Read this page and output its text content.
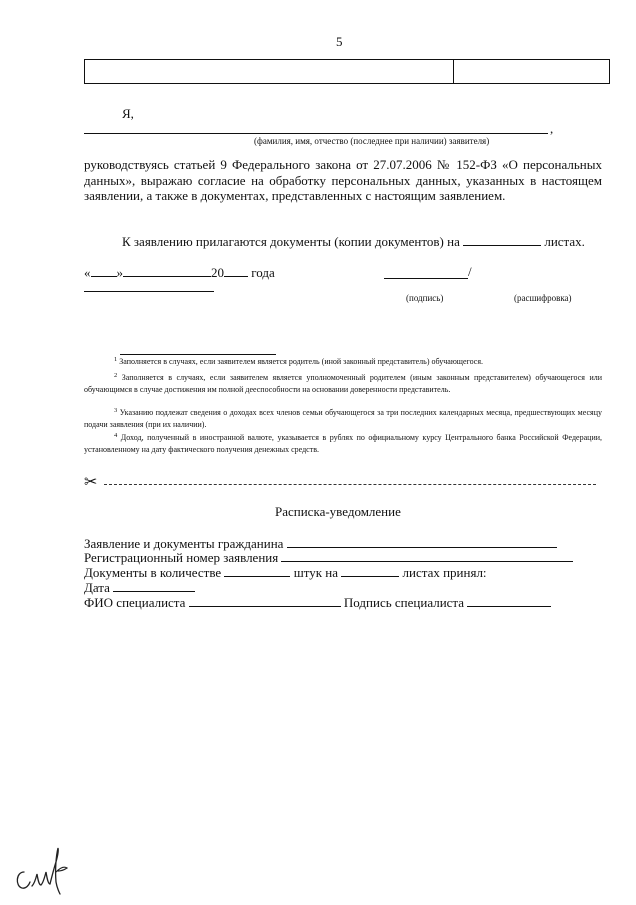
5
Я,
,
(фамилия, имя, отчество (последнее при наличии) заявителя)
руководствуясь статьей 9 Федерального закона от 27.07.2006 № 152-ФЗ «О персональных данных», выражаю согласие на обработку персональных данных, указанных в настоящем заявлении, а также в документах, представленных с настоящим заявлением.
К заявлению прилагаются документы (копии документов) на	листах.
« »	20 года	/
(подпись)	(расшифровка)
$^1$ Заполняется в случаях, если заявителем является родитель (иной законный представитель) обучающегося.
$^2$ Заполняется в случаях, если заявителем является уполномоченный родителем (иным законным представителем) обучающегося или обучающимся в случае достижения им полной дееспособности на основании доверенности представитель.
$^3$ Указанию подлежат сведения о доходах всех членов семьи обучающегося за три последних календарных месяца, предшествующих месяцу подачи заявления (при их наличии).
$^4$ Доход, полученный в иностранной валюте, указывается в рублях по официальному курсу Центрального банка Российской Федерации, установленному на дату фактического получения денежных средств.
✂
Расписка-уведомление
Заявление и документы гражданина
Регистрационный номер заявления
Документы в количестве	штук на	листах принял:
Дата
ФИО специалиста	Подпись специалиста
